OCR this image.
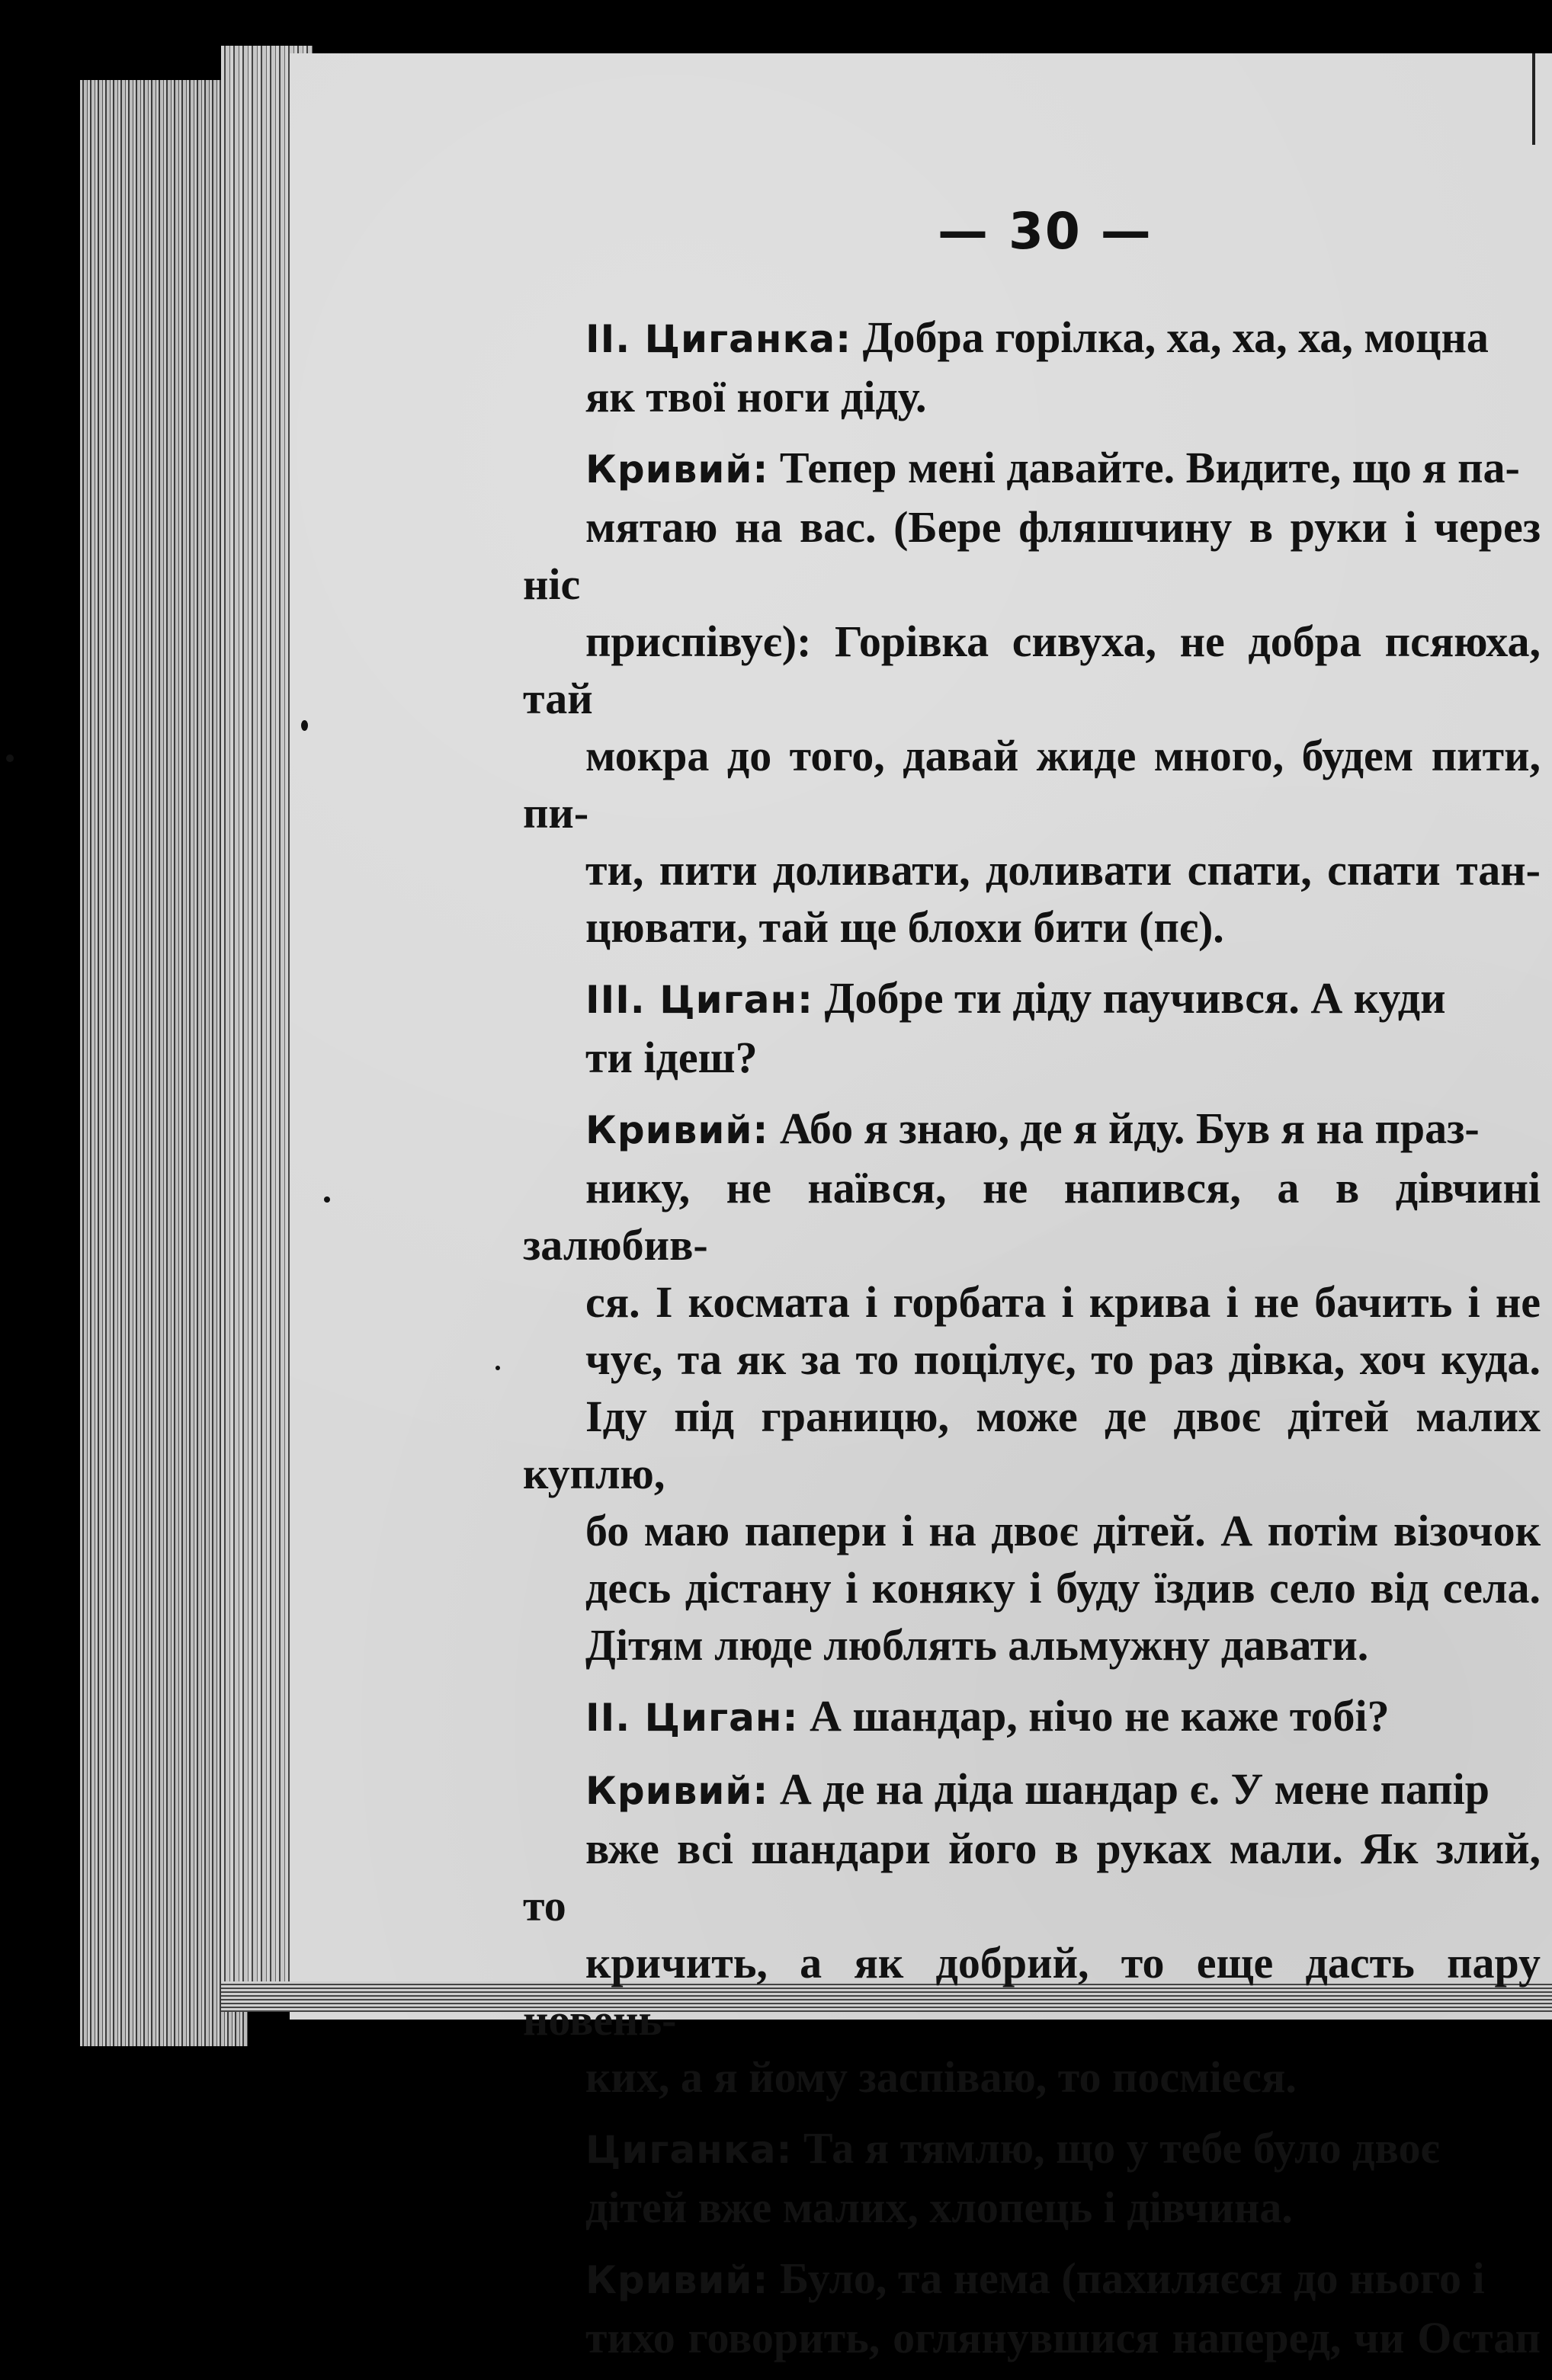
— 30 —

II. Циганка: Добра горілка, ха, ха, ха, моцна
як твої ноги діду.

Кривий: Тепер мені давайте. Видите, що я па-
мятаю на вас. (Бере фляшчину в руки і через ніс
приспівує): Горівка сивуха, не добра псяюха, тай
мокра до того, давай жиде много, будем пити, пи-
ти, пити доливати, доливати спати, спати тан-
цювати, тай ще блохи бити (пє).

III. Циган: Добре ти діду паучився. А куди
ти ідеш?

Кривий: Або я знаю, де я йду. Був я на праз-
нику, не наївся, не напився, а в дівчині залюбив-
ся. І космата і горбата і крива і не бачить і не
чує, та як за то поцілує, то раз дівка, хоч куда.
Іду під границю, може де двоє дітей малих куплю,
бо маю папери і на двоє дітей. А потім візочок
десь дістану і коняку і буду їздив село від села.
Дітям люде люблять альмужну давати.

II. Циган: А шандар, нічо не каже тобі?

Кривий: А де на діда шандар є. У мене папір
вже всі шандари його в руках мали. Як злий, то
кричить, а як добрий, то еще дасть пару новень-
ких, а я йому заспіваю, то посміеся.

Циганка: Та я тямлю, що у тебе було двоє
дітей вже малих, хлопець і дівчина.

Кривий: Було, та нема (пахиляєся до нього і
тихо говорить, оглянувшися наперед, чи Остап
